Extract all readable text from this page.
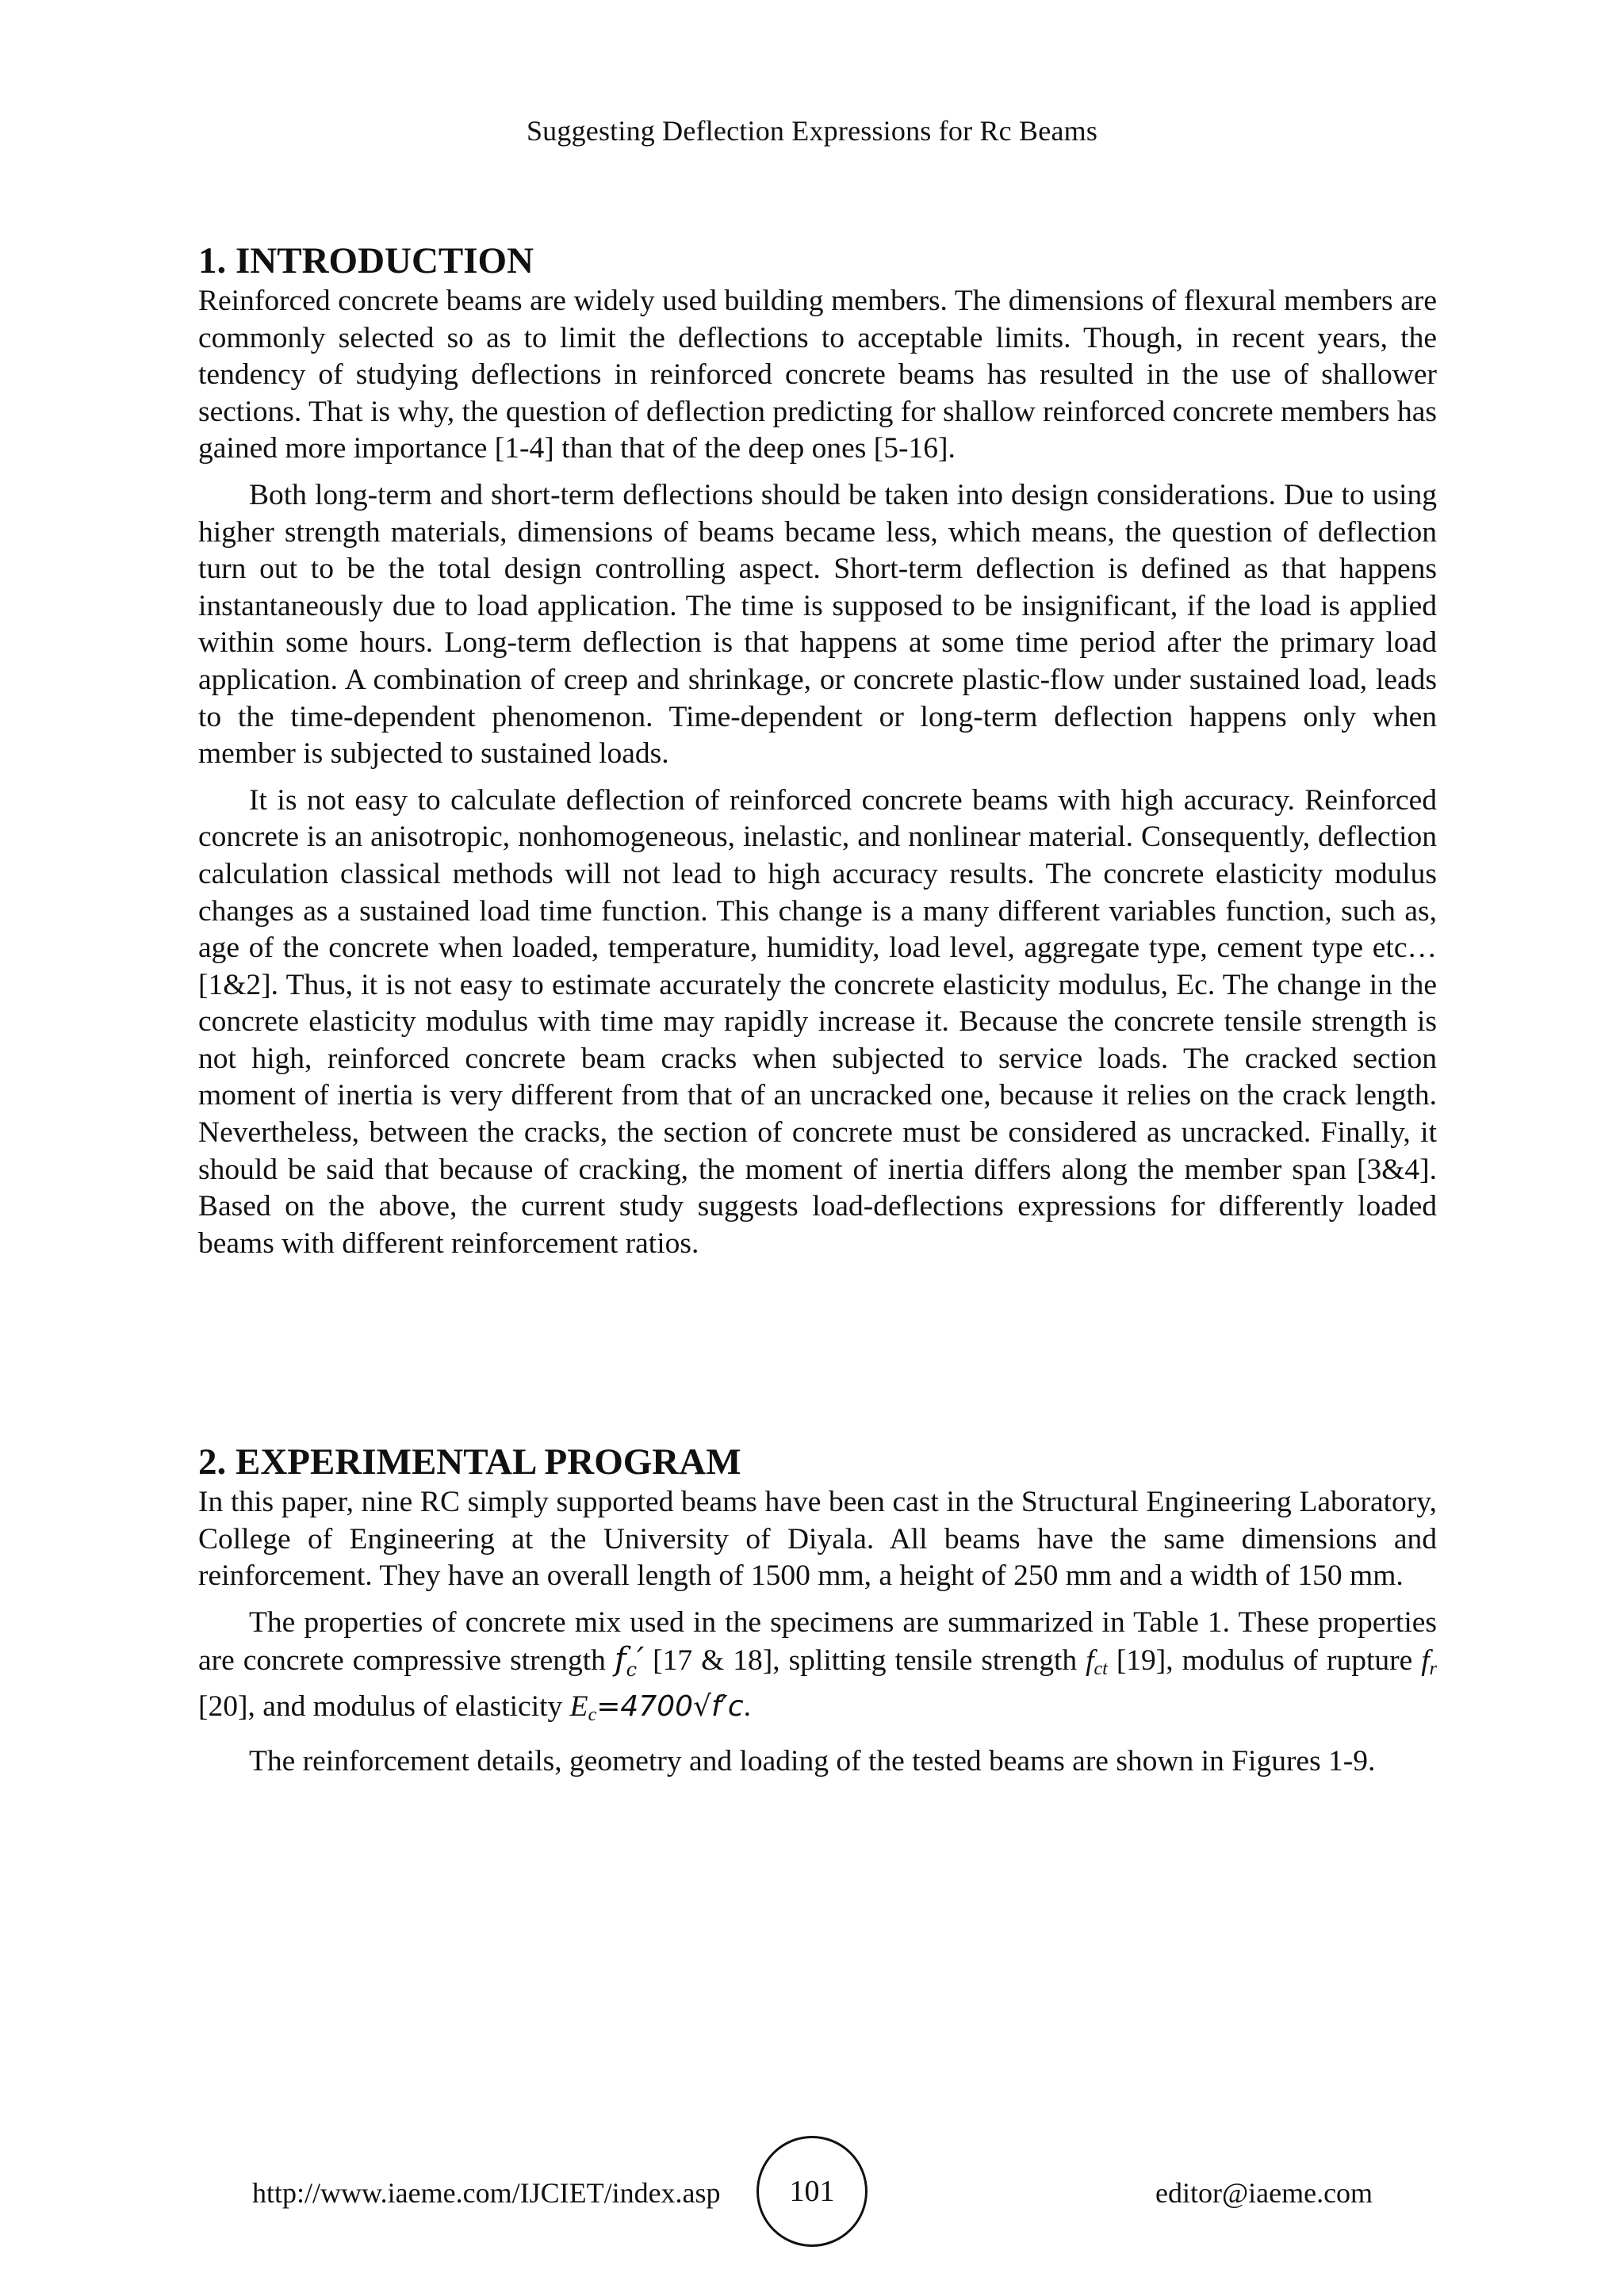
Suggesting Deflection Expressions for Rc Beams
1. INTRODUCTION

Reinforced concrete beams are widely used building members. The dimensions of flexural members are commonly selected so as to limit the deflections to acceptable limits. Though, in recent years, the tendency of studying deflections in reinforced concrete beams has resulted in the use of shallower sections. That is why, the question of deflection predicting for shallow reinforced concrete members has gained more importance [1-4] than that of the deep ones [5-16].

Both long-term and short-term deflections should be taken into design considerations. Due to using higher strength materials, dimensions of beams became less, which means, the question of deflection turn out to be the total design controlling aspect. Short-term deflection is defined as that happens instantaneously due to load application. The time is supposed to be insignificant, if the load is applied within some hours. Long-term deflection is that happens at some time period after the primary load application. A combination of creep and shrinkage, or concrete plastic-flow under sustained load, leads to the time-dependent phenomenon. Time-dependent or long-term deflection happens only when member is subjected to sustained loads.

It is not easy to calculate deflection of reinforced concrete beams with high accuracy. Reinforced concrete is an anisotropic, nonhomogeneous, inelastic, and nonlinear material. Consequently, deflection calculation classical methods will not lead to high accuracy results. The concrete elasticity modulus changes as a sustained load time function. This change is a many different variables function, such as, age of the concrete when loaded, temperature, humidity, load level, aggregate type, cement type etc… [1&2]. Thus, it is not easy to estimate accurately the concrete elasticity modulus, Ec. The change in the concrete elasticity modulus with time may rapidly increase it. Because the concrete tensile strength is not high, reinforced concrete beam cracks when subjected to service loads. The cracked section moment of inertia is very different from that of an uncracked one, because it relies on the crack length. Nevertheless, between the cracks, the section of concrete must be considered as uncracked. Finally, it should be said that because of cracking, the moment of inertia differs along the member span [3&4]. Based on the above, the current study suggests load-deflections expressions for differently loaded beams with different reinforcement ratios.

2. EXPERIMENTAL PROGRAM

In this paper, nine RC simply supported beams have been cast in the Structural Engineering Laboratory, College of Engineering at the University of Diyala. All beams have the same dimensions and reinforcement. They have an overall length of 1500 mm, a height of 250 mm and a width of 150 mm.

The properties of concrete mix used in the specimens are summarized in Table 1. These properties are concrete compressive strength $f_c'$ [17 & 18], splitting tensile strength $f_{ct}$ [19], modulus of rupture $f_r$ [20], and modulus of elasticity $E_c=4700√f'c$.

The reinforcement details, geometry and loading of the tested beams are shown in Figures 1-9.

http://www.iaeme.com/IJCIET/index.asp 101	editor@iaeme.com
